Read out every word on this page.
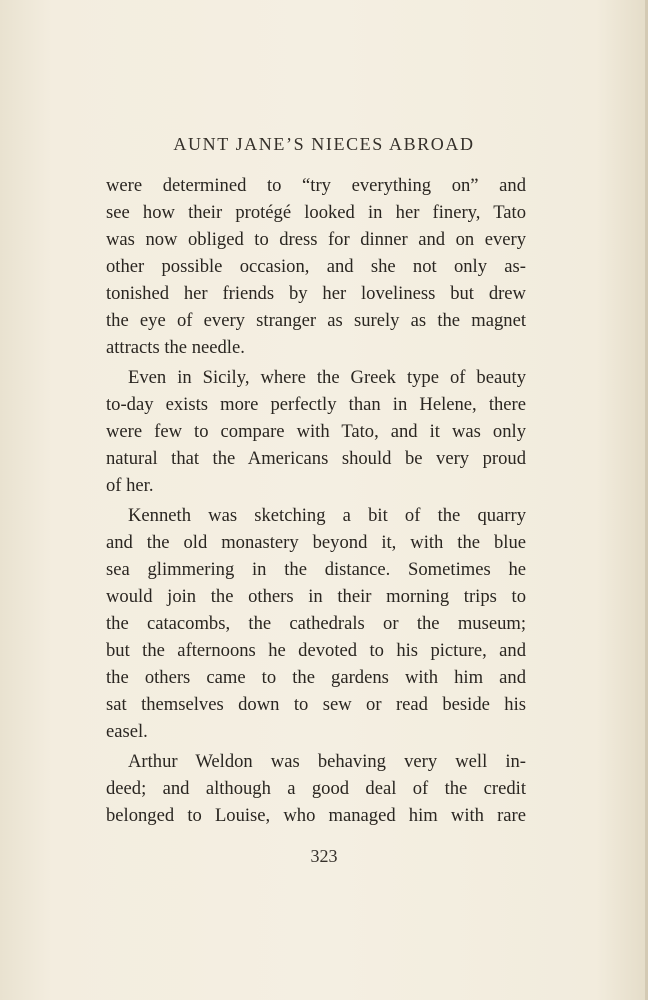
AUNT JANE’S NIECES ABROAD
were determined to “try everything on” and
see how their protégé looked in her finery, Tato
was now obliged to dress for dinner and on every
other possible occasion, and she not only as-
tonished her friends by her loveliness but drew
the eye of every stranger as surely as the magnet
attracts the needle.
Even in Sicily, where the Greek type of beauty
to-day exists more perfectly than in Helene, there
were few to compare with Tato, and it was only
natural that the Americans should be very proud
of her.
Kenneth was sketching a bit of the quarry
and the old monastery beyond it, with the blue
sea glimmering in the distance. Sometimes he
would join the others in their morning trips to
the catacombs, the cathedrals or the museum;
but the afternoons he devoted to his picture, and
the others came to the gardens with him and
sat themselves down to sew or read beside his
easel.
Arthur Weldon was behaving very well in-
deed; and although a good deal of the credit
belonged to Louise, who managed him with rare
323
